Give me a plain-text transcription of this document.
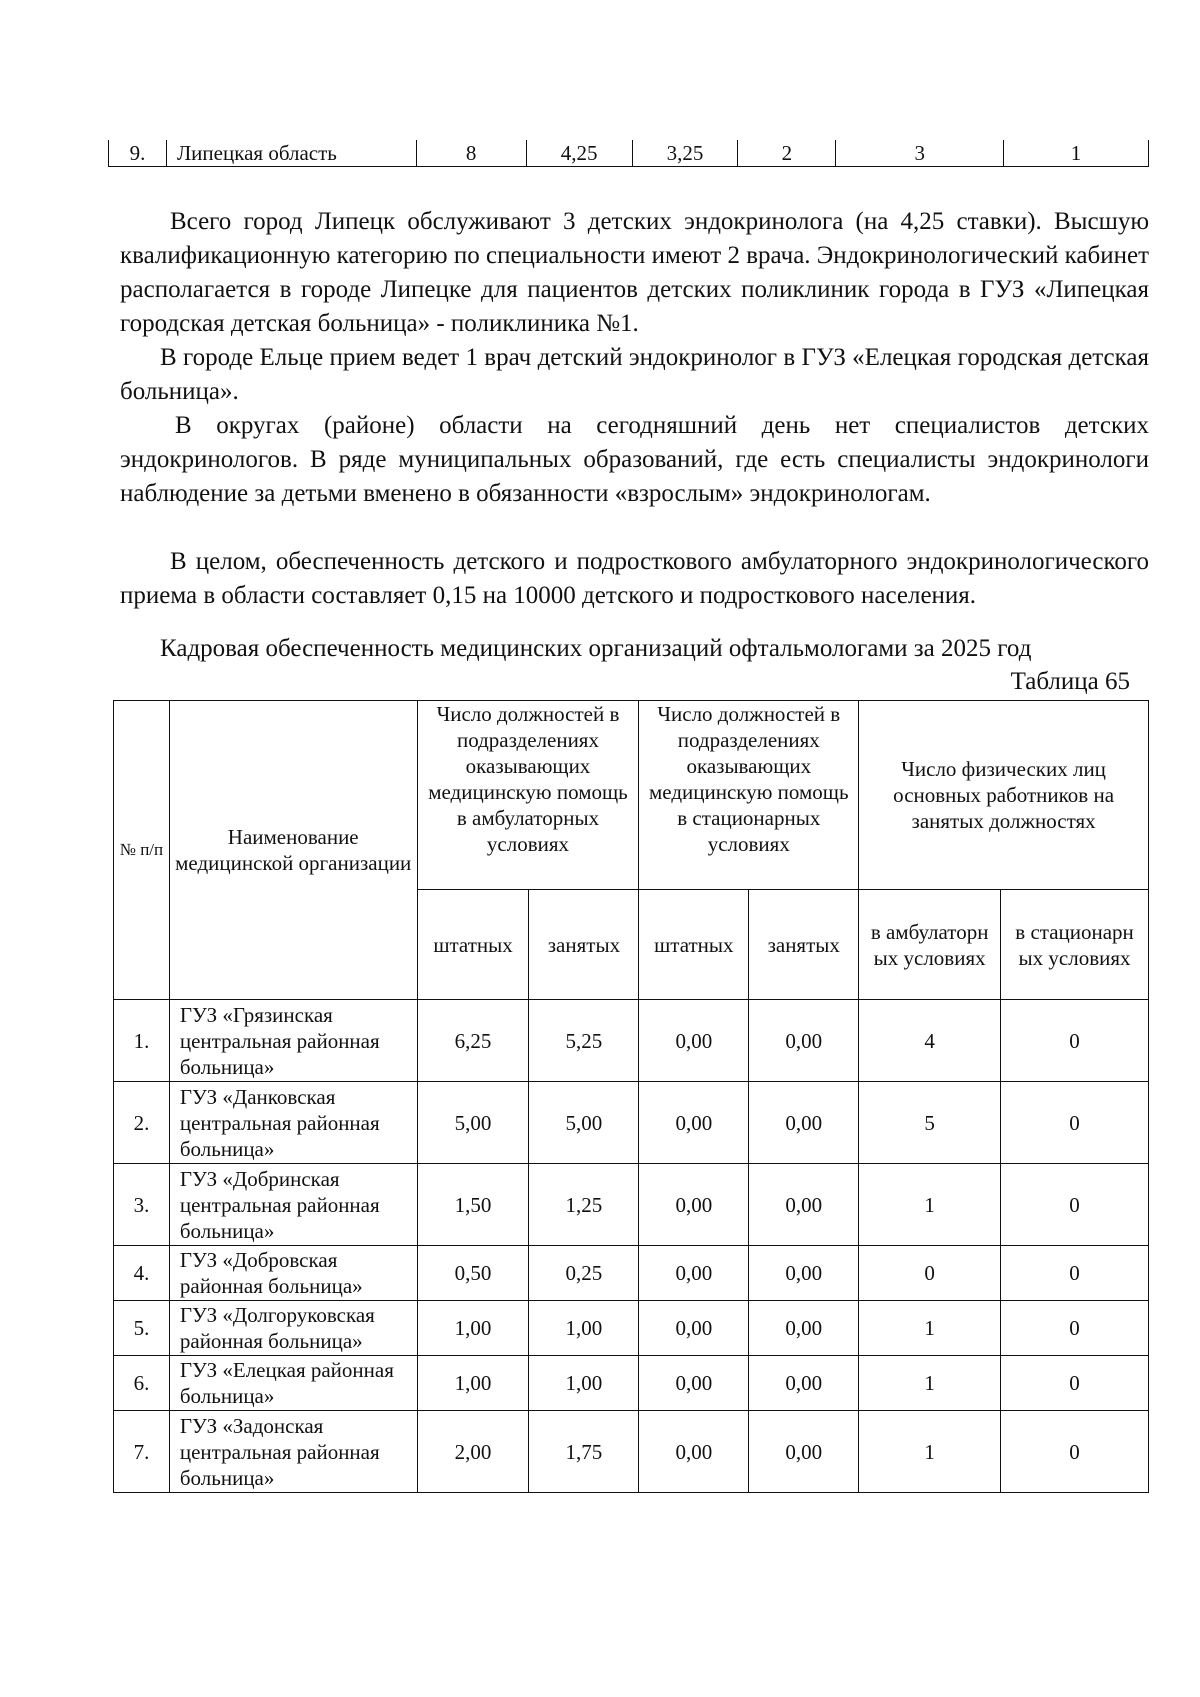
9.	Липецкая область	8	4,25	3,25	2	3	1

Всего город Липецк обслуживают 3 детских эндокринолога (на 4,25 ставки). Высшую квалификационную категорию по специальности имеют 2 врача. Эндокринологический кабинет располагается в городе Липецке для пациентов детских поликлиник города в ГУЗ «Липецкая городская детская больница» - поликлиника №1.

В городе Ельце прием ведет 1 врач детский эндокринолог в ГУЗ «Елецкая городская детская больница».

В округах (районе) области на сегодняшний день нет специалистов детских эндокринологов. В ряде муниципальных образований, где есть специалисты эндокринологи наблюдение за детьми вменено в обязанности «взрослым» эндокринологам.

В целом, обеспеченность детского и подросткового амбулаторного эндокринологического приема в области составляет 0,15 на 10000 детского и подросткового населения.

Кадровая обеспеченность медицинских организаций офтальмологами за 2025 год

Таблица 65

№ п/п	Наименование медицинской организации	Число должностей в подразделениях оказывающих медицинскую помощь в амбулаторных условиях		Число должностей в подразделениях оказывающих медицинскую помощь в стационарных условиях		Число физических лиц основных работников на занятых должностях	
		штатных	занятых	штатных	занятых	в амбулаторн ых условиях	в стационарн ых условиях
1.	ГУЗ «Грязинская центральная районная больница»	6,25	5,25	0,00	0,00	4	0
2.	ГУЗ «Данковская центральная районная больница»	5,00	5,00	0,00	0,00	5	0
3.	ГУЗ «Добринская центральная районная больница»	1,50	1,25	0,00	0,00	1	0
4.	ГУЗ «Добровская районная больница»	0,50	0,25	0,00	0,00	0	0
5.	ГУЗ «Долгоруковская районная больница»	1,00	1,00	0,00	0,00	1	0
6.	ГУЗ «Елецкая районная больница»	1,00	1,00	0,00	0,00	1	0
7.	ГУЗ «Задонская центральная районная больница»	2,00	1,75	0,00	0,00	1	0
